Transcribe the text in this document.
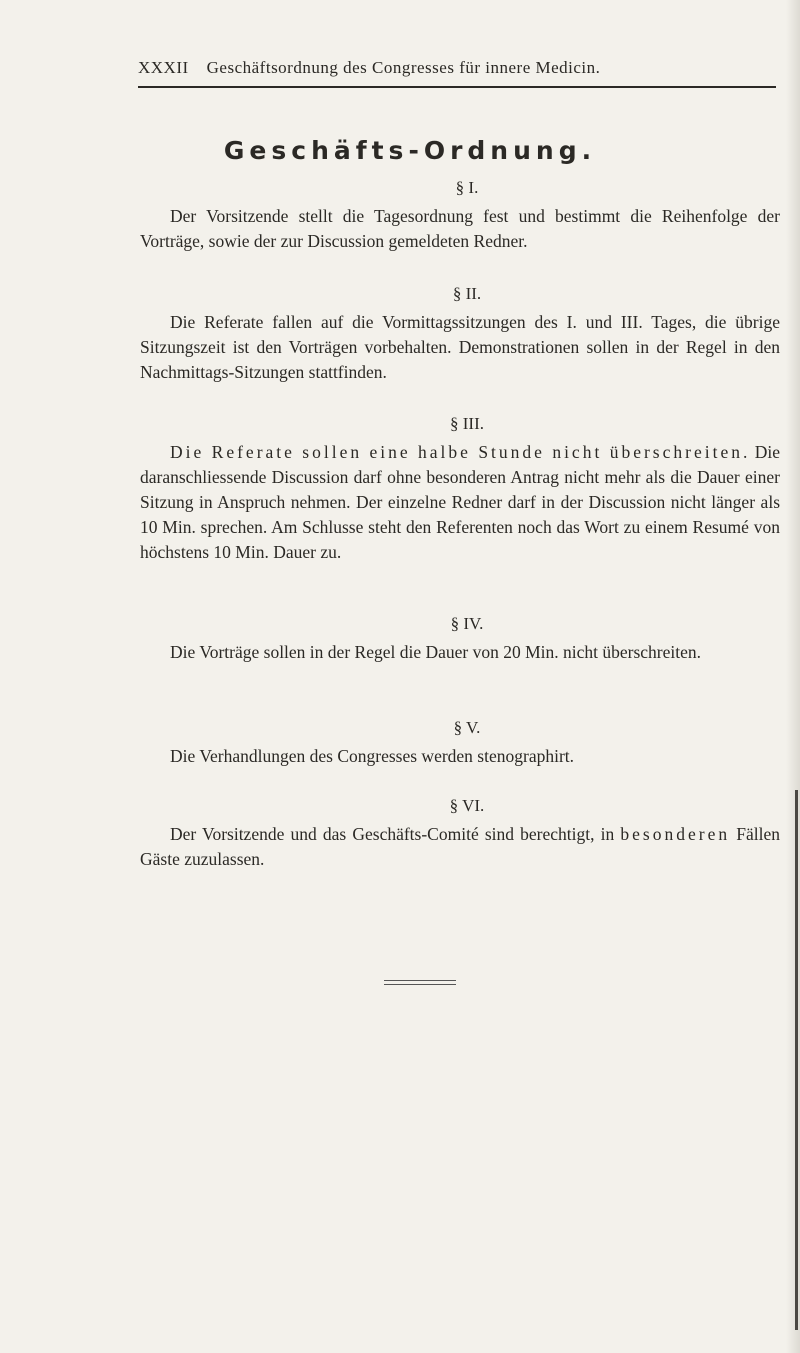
XXXII Geschäftsordnung des Congresses für innere Medicin.
Geschäfts-Ordnung.

§ I.

Der Vorsitzende stellt die Tagesordnung fest und bestimmt die Reihenfolge der Vorträge, sowie der zur Discussion gemeldeten Redner.

§ II.

Die Referate fallen auf die Vormittagssitzungen des I. und III. Tages, die übrige Sitzungszeit ist den Vorträgen vorbehalten. Demonstrationen sollen in der Regel in den Nachmittags-Sitzungen stattfinden.

§ III.

Die Referate sollen eine halbe Stunde nicht überschreiten. Die daranschliessende Discussion darf ohne besonderen Antrag nicht mehr als die Dauer einer Sitzung in Anspruch nehmen. Der einzelne Redner darf in der Discussion nicht länger als 10 Min. sprechen. Am Schlusse steht den Referenten noch das Wort zu einem Resumé von höchstens 10 Min. Dauer zu.

§ IV.

Die Vorträge sollen in der Regel die Dauer von 20 Min. nicht überschreiten.

§ V.

Die Verhandlungen des Congresses werden stenographirt.

§ VI.

Der Vorsitzende und das Geschäfts-Comité sind berechtigt, in besonderen Fällen Gäste zuzulassen.
